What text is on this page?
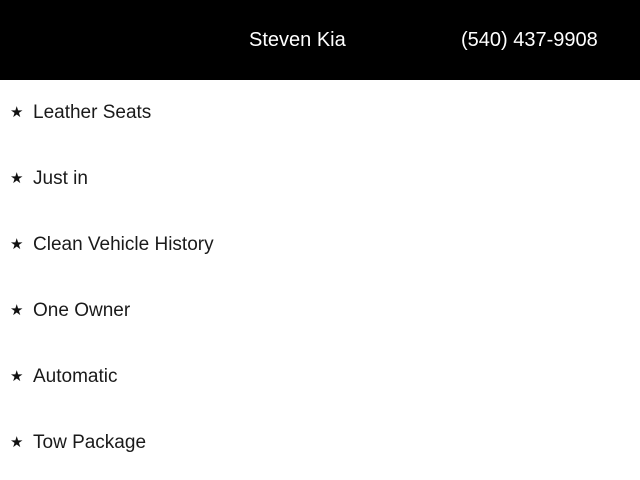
Steven Kia	(540) 437-9908
★ Leather Seats
★ Just in
★ Clean Vehicle History
★ One Owner
★ Automatic
★ Tow Package
